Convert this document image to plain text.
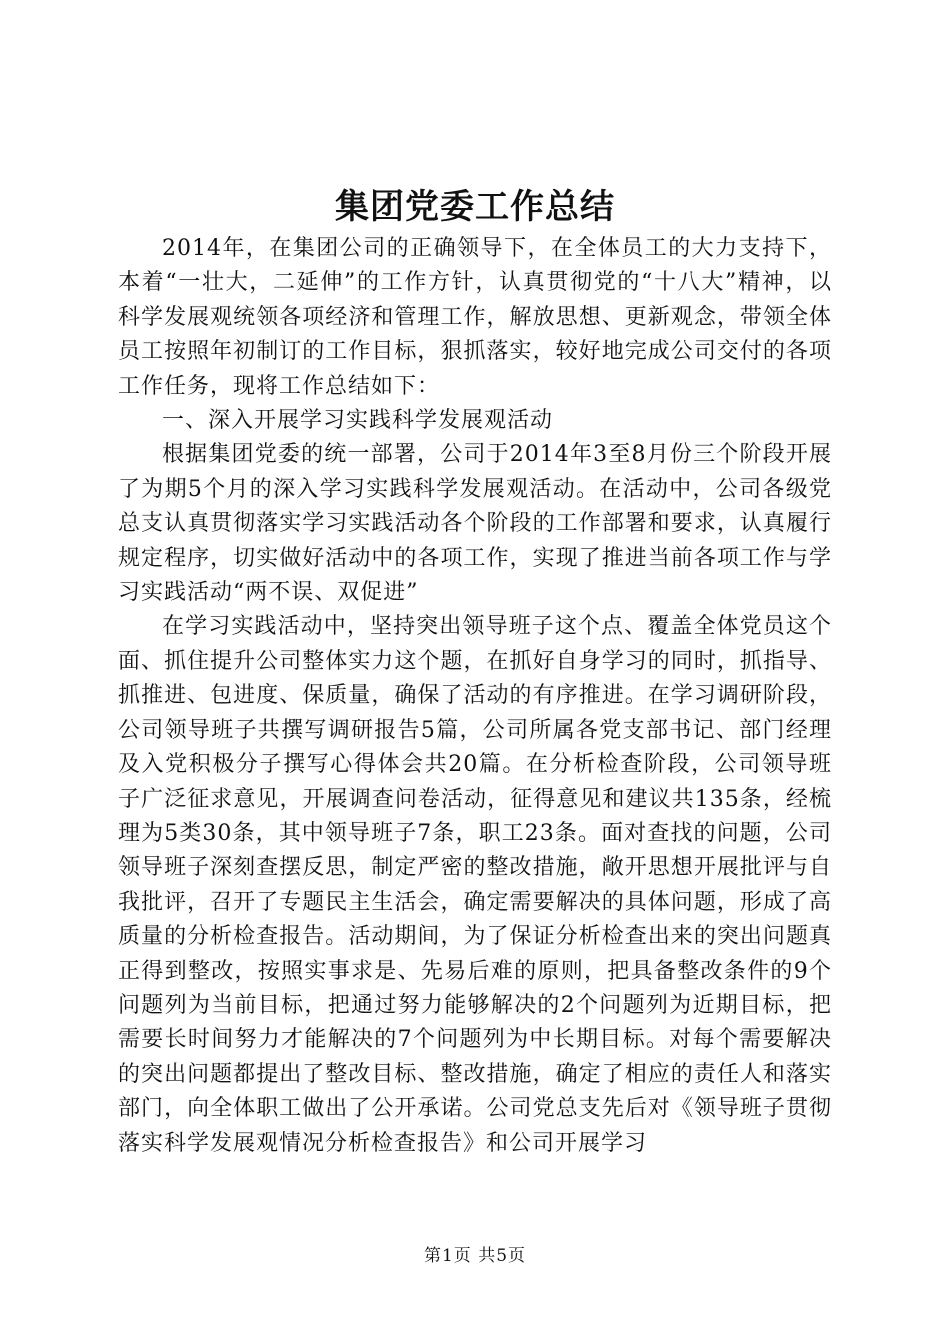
集团党委工作总结

2014年，在集团公司的正确领导下，在全体员工的大力支持下，本着“一壮大，二延伸”的工作方针，认真贯彻党的“十八大”精神，以科学发展观统领各项经济和管理工作，解放思想、更新观念，带领全体员工按照年初制订的工作目标，狠抓落实，较好地完成公司交付的各项工作任务，现将工作总结如下：

一、深入开展学习实践科学发展观活动

根据集团党委的统一部署，公司于2014年3至8月份三个阶段开展了为期5个月的深入学习实践科学发展观活动。在活动中，公司各级党总支认真贯彻落实学习实践活动各个阶段的工作部署和要求，认真履行规定程序，切实做好活动中的各项工作，实现了推进当前各项工作与学习实践活动“两不误、双促进”

在学习实践活动中，坚持突出领导班子这个点、覆盖全体党员这个面、抓住提升公司整体实力这个题，在抓好自身学习的同时，抓指导、抓推进、包进度、保质量，确保了活动的有序推进。在学习调研阶段，公司领导班子共撰写调研报告5篇，公司所属各党支部书记、部门经理及入党积极分子撰写心得体会共20篇。在分析检查阶段，公司领导班子广泛征求意见，开展调查问卷活动，征得意见和建议共135条，经梳理为5类30条，其中领导班子7条，职工23条。面对查找的问题，公司领导班子深刻查摆反思，制定严密的整改措施，敞开思想开展批评与自我批评，召开了专题民主生活会，确定需要解决的具体问题，形成了高质量的分析检查报告。活动期间，为了保证分析检查出来的突出问题真正得到整改，按照实事求是、先易后难的原则，把具备整改条件的9个问题列为当前目标，把通过努力能够解决的2个问题列为近期目标，把需要长时间努力才能解决的7个问题列为中长期目标。对每个需要解决的突出问题都提出了整改目标、整改措施，确定了相应的责任人和落实部门，向全体职工做出了公开承诺。公司党总支先后对《领导班子贯彻落实科学发展观情况分析检查报告》和公司开展学习

第1页 共5页
